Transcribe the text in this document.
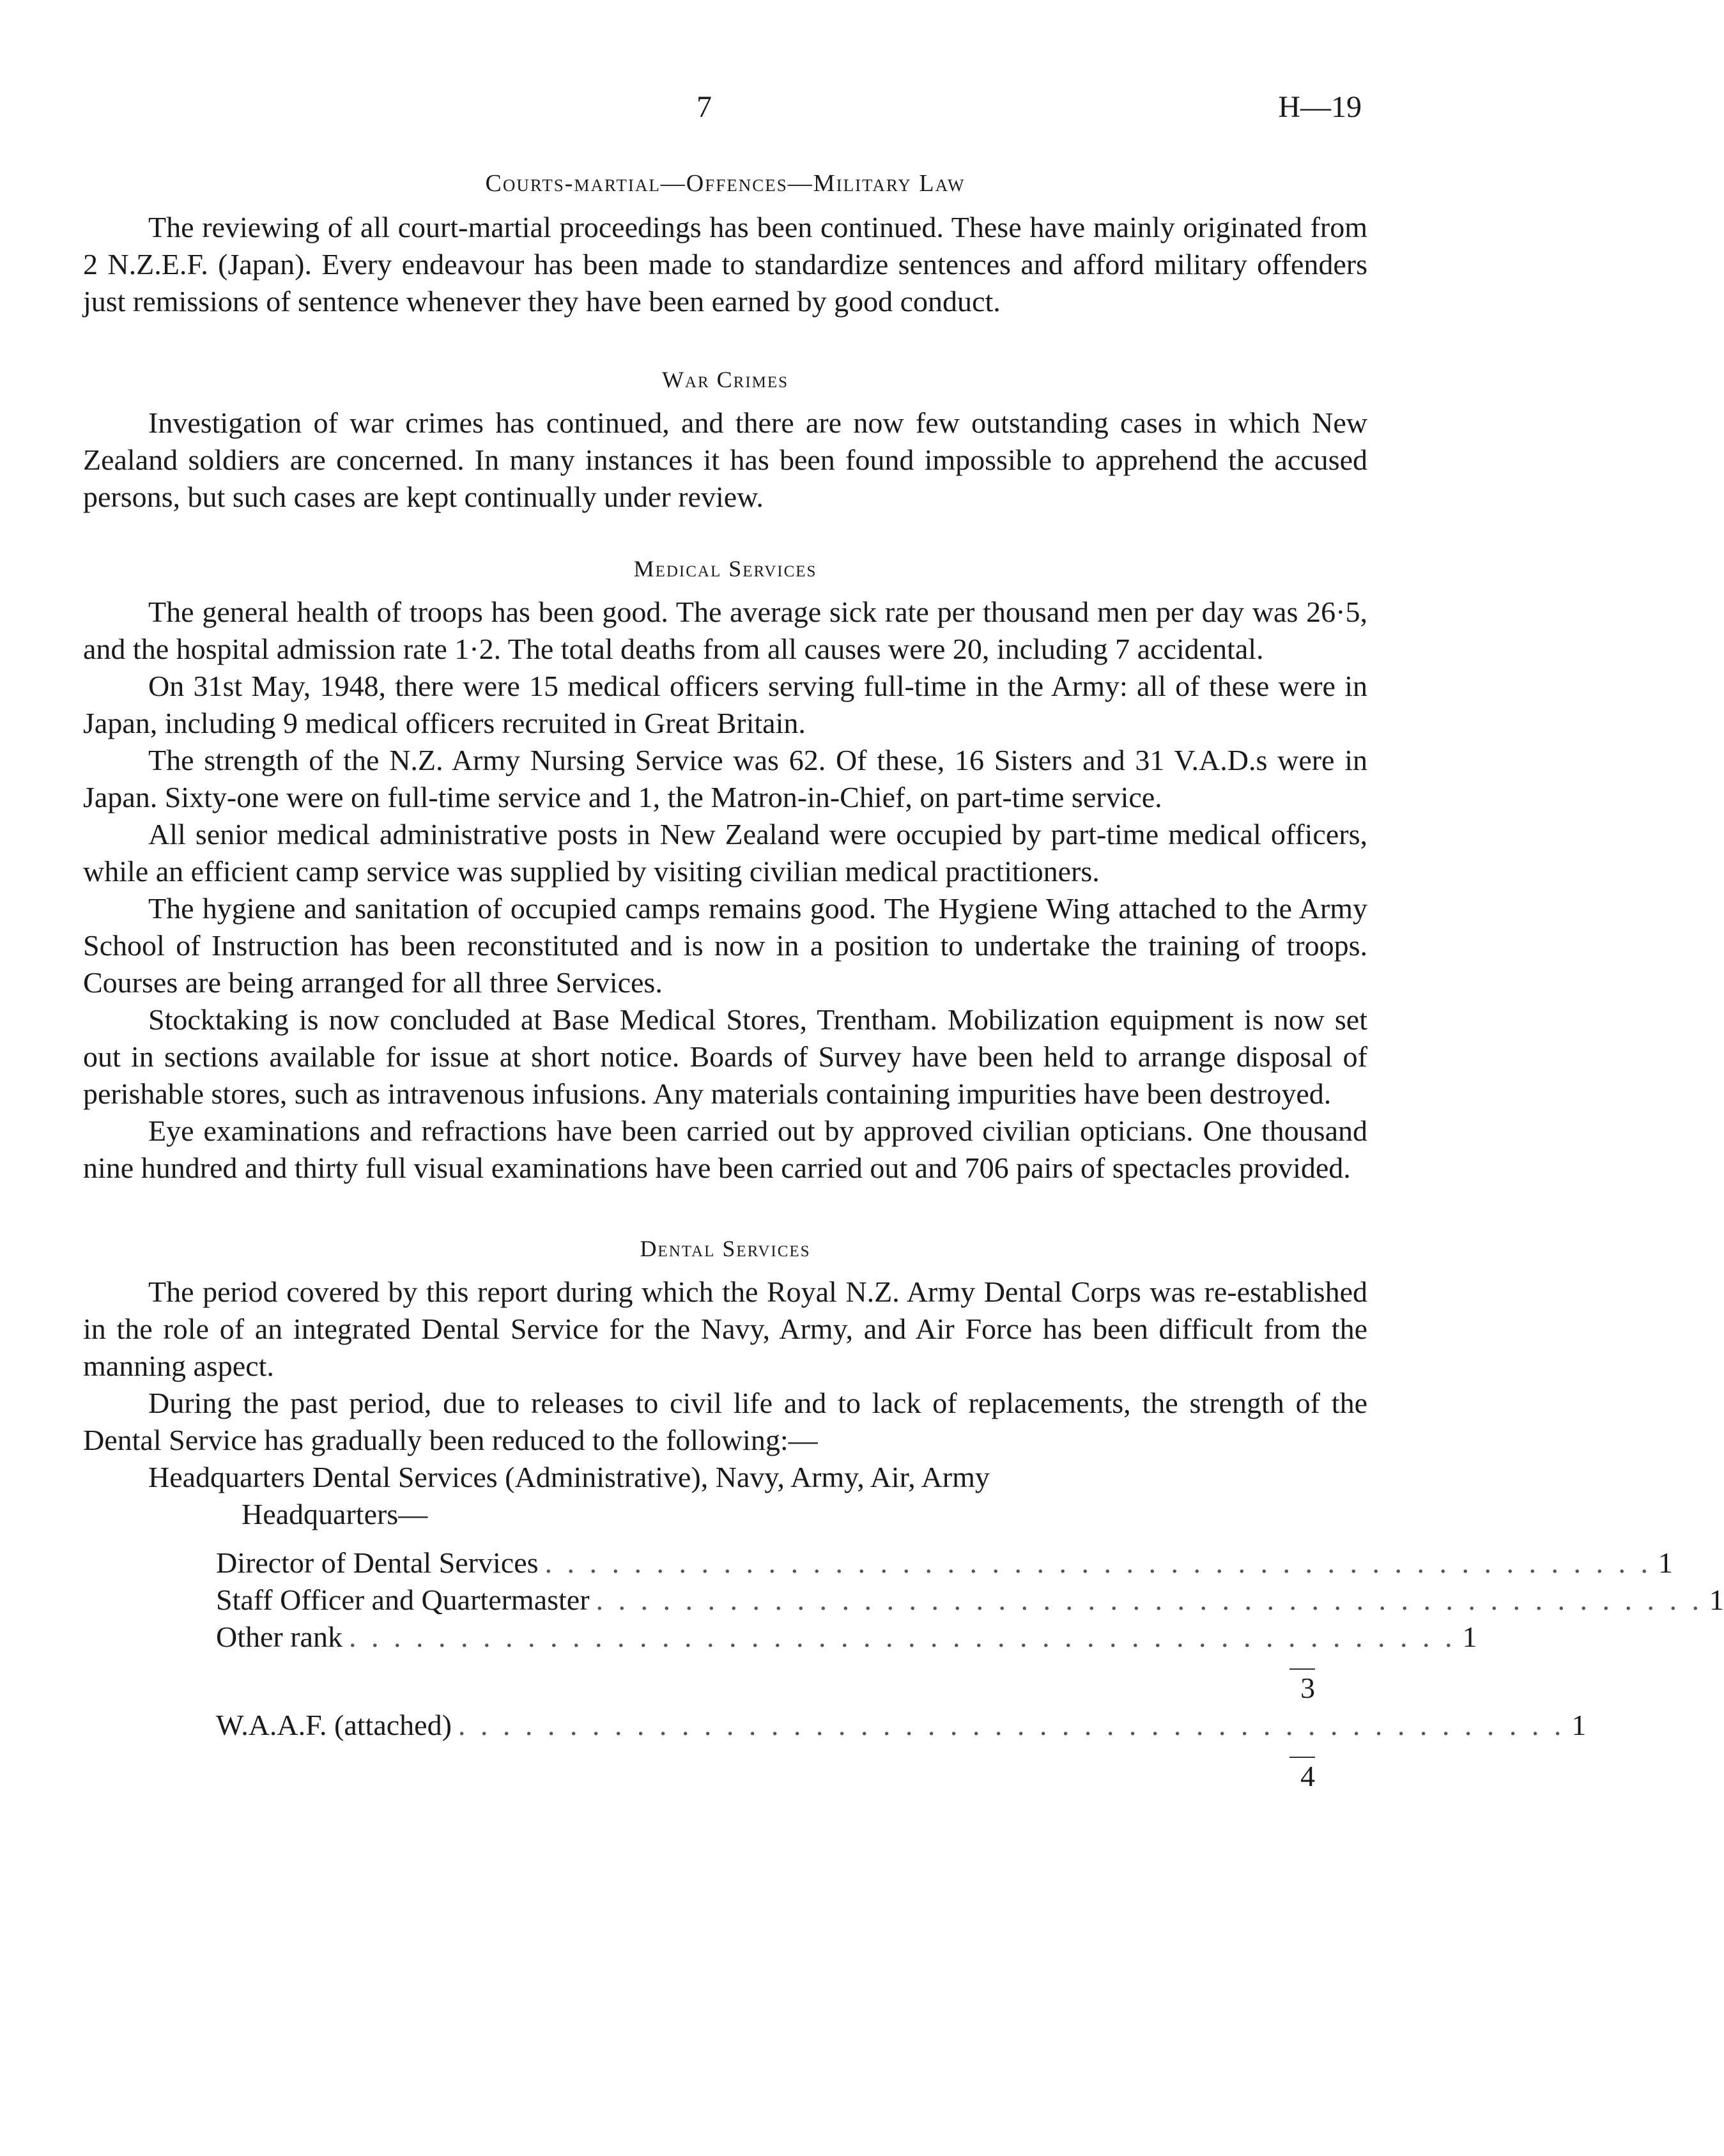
7	H—19
Courts-martial—Offences—Military Law

The reviewing of all court-martial proceedings has been continued. These have mainly originated from 2 N.Z.E.F. (Japan). Every endeavour has been made to standardize sentences and afford military offenders just remissions of sentence whenever they have been earned by good conduct.

War Crimes

Investigation of war crimes has continued, and there are now few outstanding cases in which New Zealand soldiers are concerned. In many instances it has been found impossible to apprehend the accused persons, but such cases are kept continually under review.

Medical Services

The general health of troops has been good. The average sick rate per thousand men per day was 26·5, and the hospital admission rate 1·2. The total deaths from all causes were 20, including 7 accidental.

On 31st May, 1948, there were 15 medical officers serving full-time in the Army: all of these were in Japan, including 9 medical officers recruited in Great Britain.

The strength of the N.Z. Army Nursing Service was 62. Of these, 16 Sisters and 31 V.A.D.s were in Japan. Sixty-one were on full-time service and 1, the Matron-in-Chief, on part-time service.

All senior medical administrative posts in New Zealand were occupied by part-time medical officers, while an efficient camp service was supplied by visiting civilian medical practitioners.

The hygiene and sanitation of occupied camps remains good. The Hygiene Wing attached to the Army School of Instruction has been reconstituted and is now in a position to undertake the training of troops. Courses are being arranged for all three Services.

Stocktaking is now concluded at Base Medical Stores, Trentham. Mobilization equipment is now set out in sections available for issue at short notice. Boards of Survey have been held to arrange disposal of perishable stores, such as intravenous infusions. Any materials containing impurities have been destroyed.

Eye examinations and refractions have been carried out by approved civilian opticians. One thousand nine hundred and thirty full visual examinations have been carried out and 706 pairs of spectacles provided.

Dental Services

The period covered by this report during which the Royal N.Z. Army Dental Corps was re-established in the role of an integrated Dental Service for the Navy, Army, and Air Force has been difficult from the manning aspect.

During the past period, due to releases to civil life and to lack of replacements, the strength of the Dental Service has gradually been reduced to the following:—

Headquarters Dental Services (Administrative), Navy, Army, Air, Army
Headquarters—

Director of Dental Services . . . . . . . . . . . . . . . . . . . . . . . . . . . . . . . . . . . . . . . . . . . . . . . . . . 1
Staff Officer and Quartermaster . . . . . . . . . . . . . . . . . . . . . . . . . . . . . . . . . . . . . . . . . . . . . . . . . . 1
Other rank . . . . . . . . . . . . . . . . . . . . . . . . . . . . . . . . . . . . . . . . . . . . . . . . . . 1
3
W.A.A.F. (attached) . . . . . . . . . . . . . . . . . . . . . . . . . . . . . . . . . . . . . . . . . . . . . . . . . . 1
4
